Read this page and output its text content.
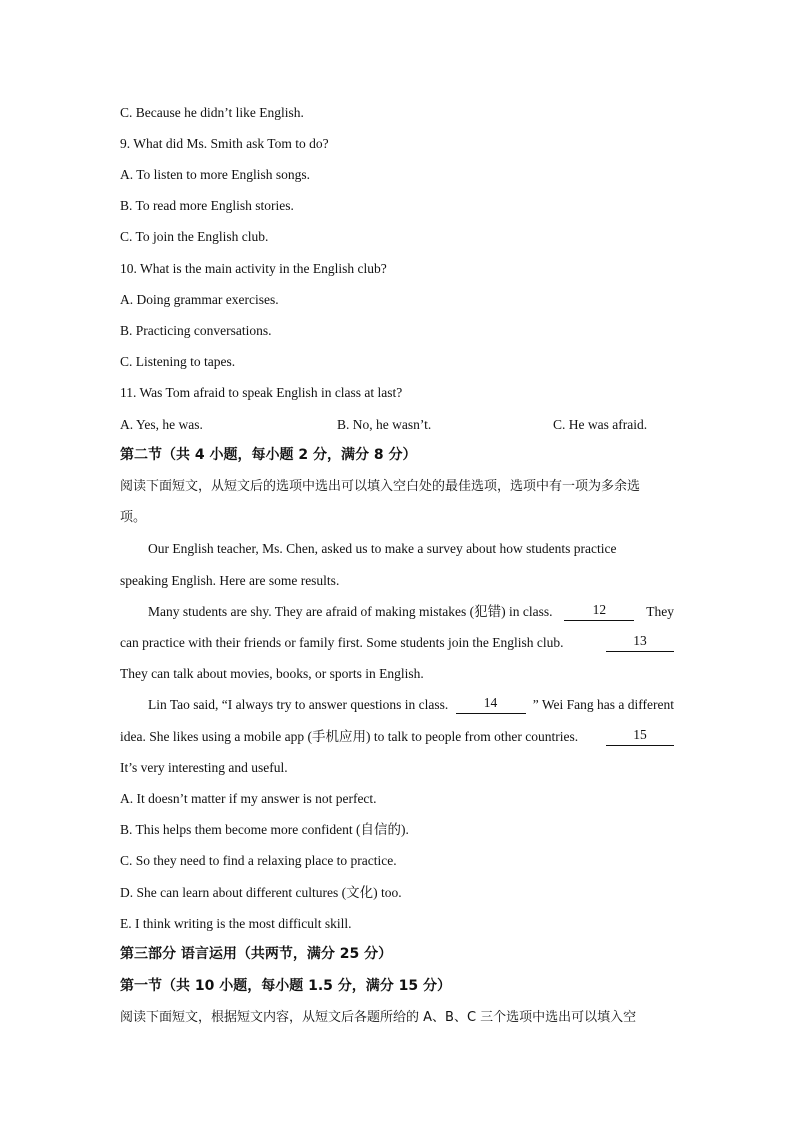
C. Because he didn’t like English.
9. What did Ms. Smith ask Tom to do?
A. To listen to more English songs.
B. To read more English stories.
C. To join the English club.
10. What is the main activity in the English club?
A. Doing grammar exercises.
B. Practicing conversations.
C. Listening to tapes.
11. Was Tom afraid to speak English in class at last?
A. Yes, he was.	B. No, he wasn’t.	C. He was afraid.
第二节（共 4 小题，每小题 2 分，满分 8 分）
阅读下面短文，从短文后的选项中选出可以填入空白处的最佳选项，选项中有一项为多余选
项。
Our English teacher, Ms. Chen, asked us to make a survey about how students practice
speaking English. Here are some results.
Many students are shy. They are afraid of making mistakes (犯错) in class.	12	They
can practice with their friends or family first. Some students join the English club.	13
They can talk about movies, books, or sports in English.
Lin Tao said, “I always try to answer questions in class.	14	” Wei Fang has a different
idea. She likes using a mobile app (手机应用) to talk to people from other countries.	15
It’s very interesting and useful.
A. It doesn’t matter if my answer is not perfect.
B. This helps them become more confident (自信的).
C. So they need to find a relaxing place to practice.
D. She can learn about different cultures (文化) too.
E. I think writing is the most difficult skill.
第三部分 语言运用（共两节，满分 25 分）
第一节（共 10 小题，每小题 1.5 分，满分 15 分）
阅读下面短文，根据短文内容，从短文后各题所给的 A、B、C 三个选项中选出可以填入空
